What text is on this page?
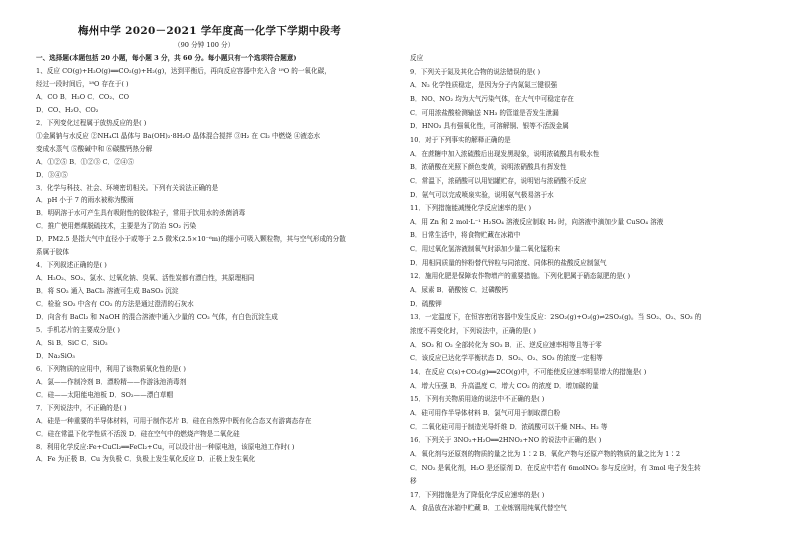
梅州中学 2020－2021 学年度高一化学下学期中段考
（90 分钟 100 分）
一、选择题(本题包括 20 小题，每小题 3 分，共 60 分。每小题只有一个选项符合题意)
1、反应 CO(g)+H₂O(g)══CO₂(g)+H₂(g)，达到平衡后，再向反应容器中充入含 ¹⁸O 的一氧化碳，
经过一段时间后，¹⁸O 存在于( )
A．CO B．H₂O C．CO₂、CO
D．CO、H₂O、CO₂
2．下列变化过程属于放热反应的是( )
①金属钠与水反应 ②NH₄Cl 晶体与 Ba(OH)₂·8H₂O 晶体混合搅拌 ③H₂ 在 Cl₂ 中燃烧 ④液态水
变成水蒸气 ⑤酸碱中和 ⑥碳酸钙热分解
A．①②⑤ B．①②③ C．②④⑤
D．③④⑤
3．化学与科技、社会、环境密切相关。下列有关说法正确的是
A．pH 小于 7 的雨水被称为酸雨
B．明矾溶于水可产生具有吸附性的胶体粒子，常用于饮用水的杀菌消毒
C．推广使用燃煤脱硫技术，主要是为了防治 SO₂ 污染
D．PM2.5 是指大气中直径小于或等于 2.5 微米(2.5×10⁻⁶m)的细小可吸入颗粒物，其与空气形成的分散
系属于胶体
4．下列叙述正确的是( )
A．H₂O₂、SO₂、氯水、过氧化钠、臭氧、活性炭都有漂白性，其原理相同
B．将 SO₂ 通入 BaCl₂ 溶液可生成 BaSO₃ 沉淀
C．检验 SO₂ 中含有 CO₂ 的方法是通过澄清的石灰水
D．向含有 BaCl₂ 和 NaOH 的混合溶液中通入少量的 CO₂ 气体，有白色沉淀生成
5．手机芯片的主要成分是( )
A．Si B．SiC C．SiO₂
D．Na₂SiO₃
6．下列物质的应用中，利用了该物质氧化性的是( )
A．氯——作制冷剂 B．漂粉精——作游泳池消毒剂
C．硅——太阳能电池板 D．SO₂——漂白草帽
7．下列说法中，不正确的是( )
A．硅是一种重要的半导体材料，可用于制作芯片 B．硅在自然界中既有化合态又有游离态存在
C．硅在常温下化学性质不活泼 D．硅在空气中的燃烧产物是二氧化硅
8．利用化学反应:Fe+CuCl₂══FeCl₂+Cu，可以设计出一种原电池，该原电池工作时( )
A．Fe 为正极 B．Cu 为负极 C．负极上发生氧化反应 D．正极上发生氧化
反应
9．下列关于氮及其化合物的说法错误的是( )
A．N₂ 化学性质稳定，是因为分子内氮氮三键很强
B．NO、NO₂ 均为大气污染气体，在大气中可稳定存在
C．可用浓盐酸检测输送 NH₃ 的管道是否发生泄漏
D．HNO₃ 具有强氧化性，可溶解铜、银等不活泼金属
10．对于下列事实的解释正确的是
A．在蔗糖中加入浓硫酸后出现发黑现象，说明浓硫酸具有吸水性
B．浓硝酸在光照下颜色变黄，说明浓硝酸具有挥发性
C．常温下，浓硝酸可以用铝罐贮存，说明铝与浓硝酸不反应
D．氨气可以完成喷泉实验，说明氨气极易溶于水
11．下列措施能减慢化学反应速率的是( )
A．用 Zn 和 2 mol·L⁻¹ H₂SO₄ 溶液反应制取 H₂ 时，向溶液中滴加少量 CuSO₄ 溶液
B．日常生活中，将食物贮藏在冰箱中
C．用过氧化氢溶液制氧气时添加少量二氧化锰粉末
D．用相同质量的锌粉替代锌粒与同浓度、同体积的盐酸反应制氢气
12．施用化肥是保障农作物增产的重要措施。下列化肥属于硝态氮肥的是( )
A．尿素 B．硝酸铵 C．过磷酸钙
D．硫酸钾
13．一定温度下，在恒容密闭容器中发生反应：2SO₂(g)+O₂(g)⇌2SO₃(g)。当 SO₂、O₂、SO₃ 的
浓度不再变化时，下列说法中，正确的是( )
A．SO₂ 和 O₂ 全部转化为 SO₃ B．正、逆反应速率相等且等于零
C．该反应已达化学平衡状态 D．SO₂、O₂、SO₃ 的浓度一定相等
14．在反应 C(s)+CO₂(g)══2CO(g)中，不可能使反应速率明显增大的措施是( )
A．增大压强 B．升高温度 C．增大 CO₂ 的浓度 D．增加碳的量
15．下列有关物质用途的说法中不正确的是( )
A．硅可用作半导体材料 B．氯气可用于制取漂白粉
C．二氧化硅可用于制造光导纤维 D．浓硫酸可以干燥 NH₃、H₂ 等
16．下列关于 3NO₂+H₂O══2HNO₃+NO 的说法中正确的是( )
A．氧化剂与还原剂的物质的量之比为 1∶2 B．氧化产物与还原产物的物质的量之比为 1∶2
C．NO₂ 是氧化剂，H₂O 是还原剂 D．在反应中若有 6molNO₂ 参与反应时，有 3mol 电子发生转
移
17．下列措施是为了降低化学反应速率的是( )
A．食品放在冰箱中贮藏 B．工业炼钢用纯氧代替空气
